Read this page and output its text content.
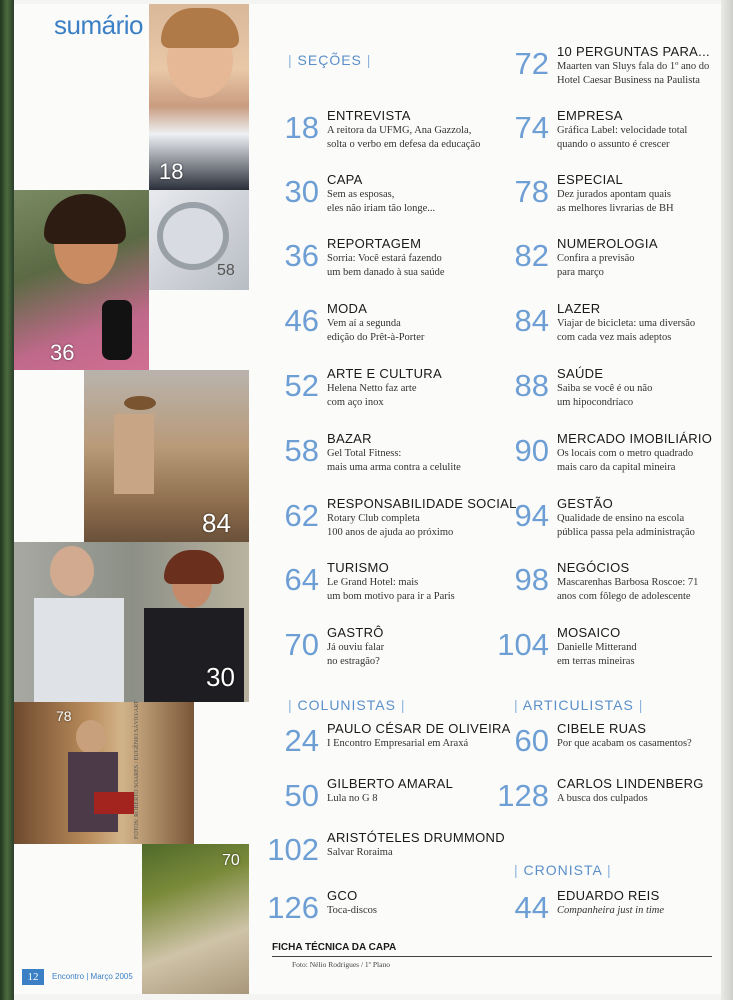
sumário
18
36
58
84
30
78
70
FOTOS: ROBERTO SOARES / EUGÊNIO SÁVIO/ART
| SEÇÕES |
| COLUNISTAS |	| ARTICULISTAS |
| CRONISTA |
18 ENTREVISTA
A reitora da UFMG, Ana Gazzola,
solta o verbo em defesa da educação
30 CAPA
Sem as esposas,
eles não iriam tão longe...
36 REPORTAGEM
Sorria: Você estará fazendo
um bem danado à sua saúde
46 MODA
Vem aí a segunda
edição do Prêt-à-Porter
52 ARTE E CULTURA
Helena Netto faz arte
com aço inox
58 BAZAR
Gel Total Fitness:
mais uma arma contra a celulite
62 RESPONSABILIDADE SOCIAL
Rotary Club completa
100 anos de ajuda ao próximo
64 TURISMO
Le Grand Hotel: mais
um bom motivo para ir a Paris
70 GASTRÔ
Já ouviu falar
no estragão?
72 10 PERGUNTAS PARA...
Maarten van Sluys fala do 1º ano do
Hotel Caesar Business na Paulista
74 EMPRESA
Gráfica Label: velocidade total
quando o assunto é crescer
78 ESPECIAL
Dez jurados apontam quais
as melhores livrarias de BH
82 NUMEROLOGIA
Confira a previsão
para março
84 LAZER
Viajar de bicicleta: uma diversão
com cada vez mais adeptos
88 SAÚDE
Saiba se você é ou não
um hipocondríaco
90 MERCADO IMOBILIÁRIO
Os locais com o metro quadrado
mais caro da capital mineira
94 GESTÃO
Qualidade de ensino na escola
pública passa pela administração
98 NEGÓCIOS
Mascarenhas Barbosa Roscoe: 71
anos com fôlego de adolescente
104 MOSAICO
Danielle Mitterand
em terras mineiras
24 PAULO CÉSAR DE OLIVEIRA
I Encontro Empresarial em Araxá
50 GILBERTO AMARAL
Lula no G 8
102 ARISTÓTELES DRUMMOND
Salvar Roraima
126 GCO
Toca-discos
60 CIBELE RUAS
Por que acabam os casamentos?
128 CARLOS LINDENBERG
A busca dos culpados
44 EDUARDO REIS
Companheira just in time
FICHA TÉCNICA DA CAPA
Foto: Nélio Rodrigues / 1º Plano
12	Encontro | Março 2005
